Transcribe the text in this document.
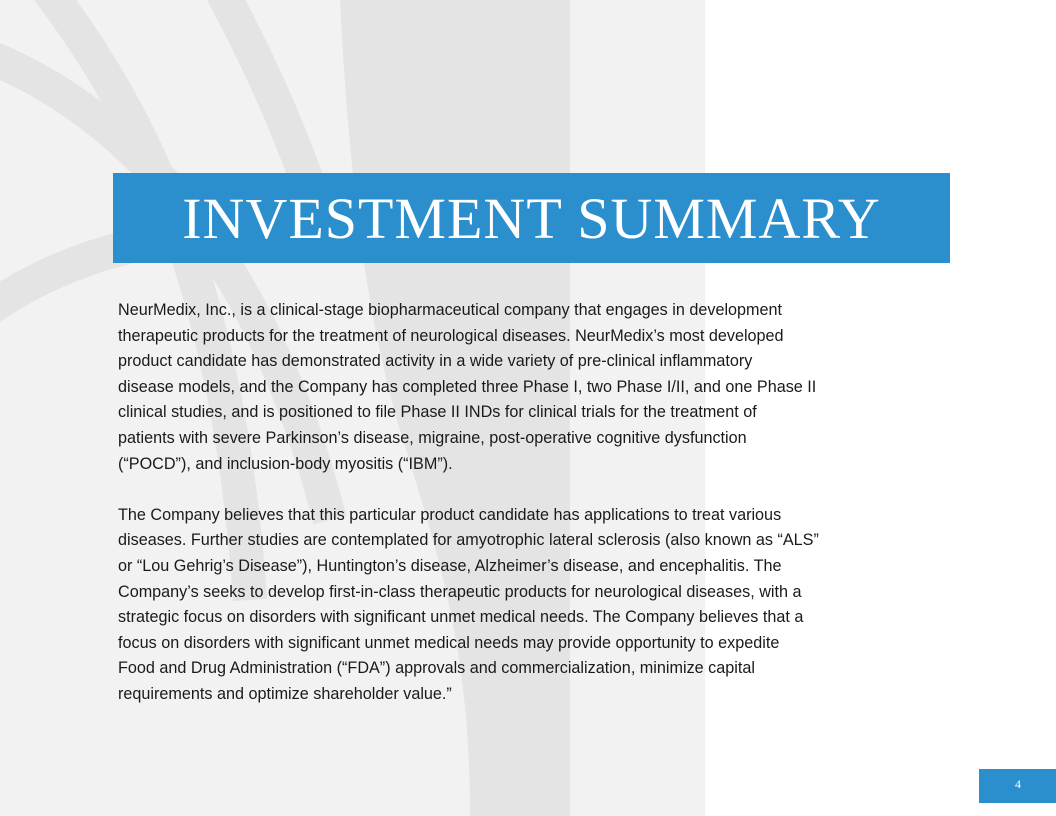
INVESTMENT SUMMARY

NeurMedix, Inc., is a clinical-stage biopharmaceutical company that engages in development
therapeutic products for the treatment of neurological diseases. NeurMedix’s most developed
product candidate has demonstrated activity in a wide variety of pre-clinical inflammatory
disease models, and the Company has completed three Phase I, two Phase I/II, and one Phase II
clinical studies, and is positioned to file Phase II INDs for clinical trials for the treatment of
patients with severe Parkinson’s disease, migraine, post-operative cognitive dysfunction
(“POCD”), and inclusion-body myositis (“IBM”).

The Company believes that this particular product candidate has applications to treat various
diseases. Further studies are contemplated for amyotrophic lateral sclerosis (also known as “ALS”
or “Lou Gehrig’s Disease”), Huntington’s disease, Alzheimer’s disease, and encephalitis. The
Company’s seeks to develop first-in-class therapeutic products for neurological diseases, with a
strategic focus on disorders with significant unmet medical needs. The Company believes that a
focus on disorders with significant unmet medical needs may provide opportunity to expedite
Food and Drug Administration (“FDA”) approvals and commercialization, minimize capital
requirements and optimize shareholder value.”

4
